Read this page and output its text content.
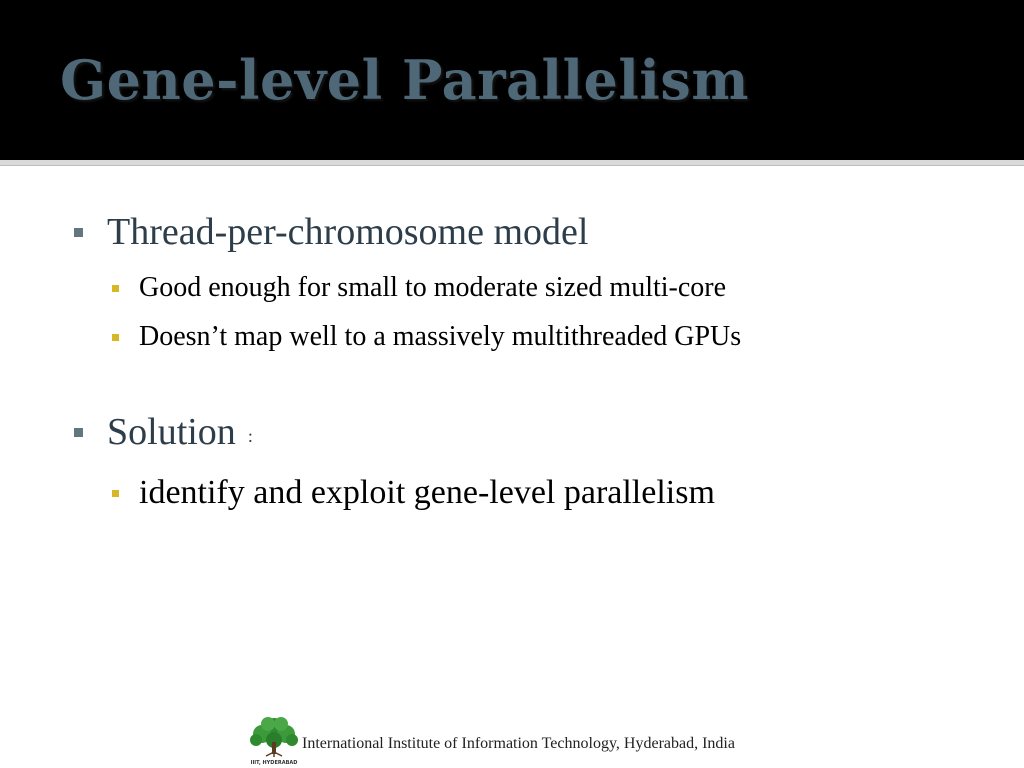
Gene-level Parallelism
Thread-per-chromosome model
Good enough for small to moderate sized multi-core
Doesn’t map well to a massively multithreaded GPUs
Solution :
identify and exploit gene-level parallelism
IIIT, HYDERABAD
International Institute of Information Technology, Hyderabad, India
